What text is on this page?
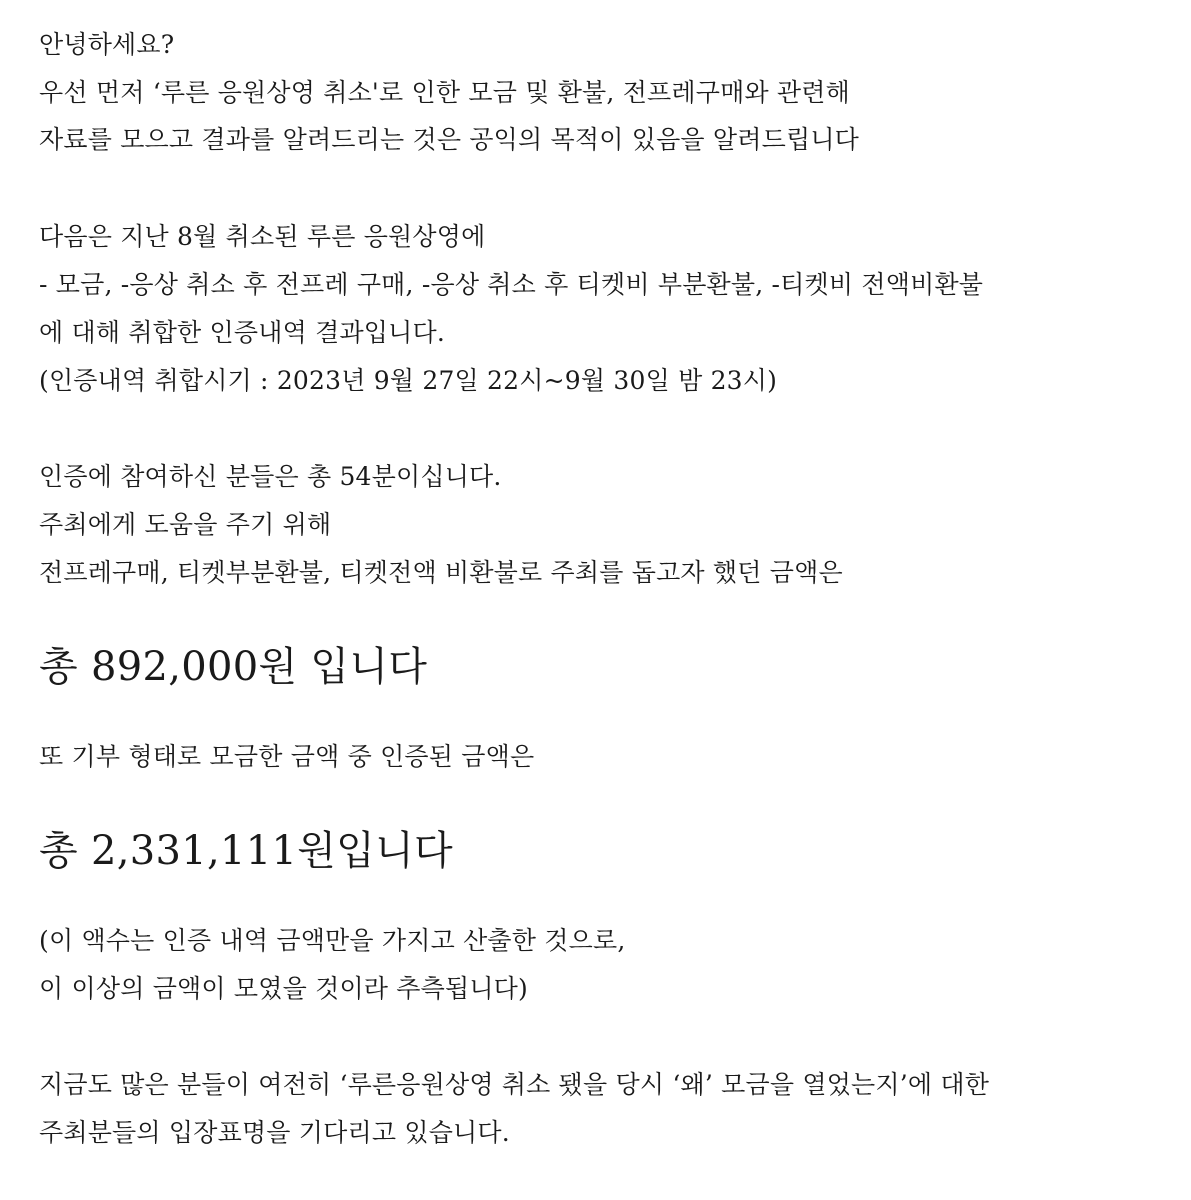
안녕하세요?
우선 먼저 ‘루른 응원상영 취소'로 인한 모금 및 환불, 전프레구매와 관련해
자료를 모으고 결과를 알려드리는 것은 공익의 목적이 있음을 알려드립니다
다음은 지난 8월 취소된 루른 응원상영에
- 모금, -응상 취소 후 전프레 구매, -응상 취소 후 티켓비 부분환불, -티켓비 전액비환불
에 대해 취합한 인증내역 결과입니다.
(인증내역 취합시기 : 2023년 9월 27일 22시~9월 30일 밤 23시)
인증에 참여하신 분들은 총 54분이십니다.
주최에게 도움을 주기 위해
전프레구매, 티켓부분환불, 티켓전액 비환불로 주최를 돕고자 했던 금액은
총 892,000원 입니다
또 기부 형태로 모금한 금액 중 인증된 금액은
총 2,331,111원입니다
(이 액수는 인증 내역 금액만을 가지고 산출한 것으로,
이 이상의 금액이 모였을 것이라 추측됩니다)
지금도 많은 분들이 여전히 ‘루른응원상영 취소 됐을 당시 ‘왜’ 모금을 열었는지’에 대한
주최분들의 입장표명을 기다리고 있습니다.
